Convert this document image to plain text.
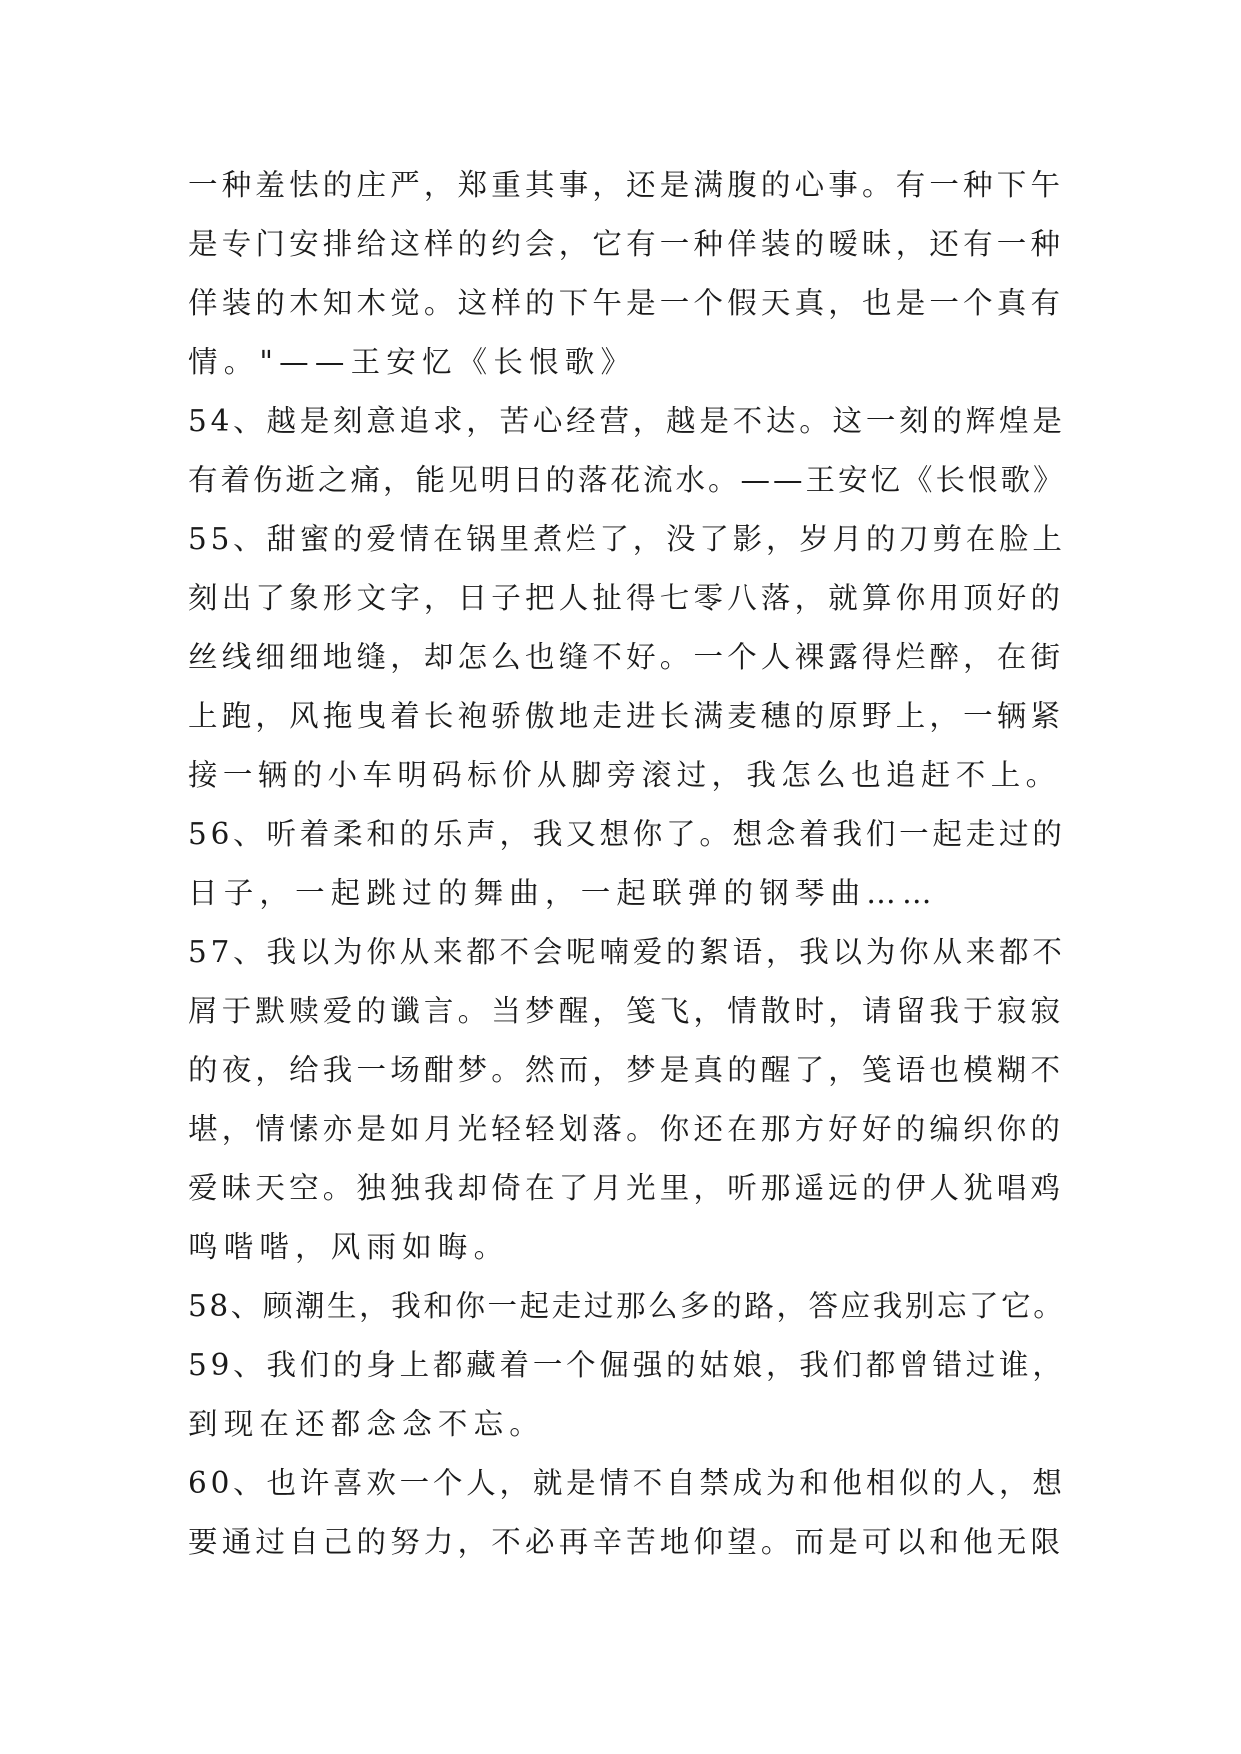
一种羞怯的庄严，郑重其事，还是满腹的心事。有一种下午
是专门安排给这样的约会，它有一种佯装的暧昧，还有一种
佯装的木知木觉。这样的下午是一个假天真，也是一个真有
情。"——王安忆《长恨歌》
54、越是刻意追求，苦心经营，越是不达。这一刻的辉煌是
有着伤逝之痛，能见明日的落花流水。——王安忆《长恨歌》
55、甜蜜的爱情在锅里煮烂了，没了影，岁月的刀剪在脸上
刻出了象形文字，日子把人扯得七零八落，就算你用顶好的
丝线细细地缝，却怎么也缝不好。一个人裸露得烂醉，在街
上跑，风拖曳着长袍骄傲地走进长满麦穗的原野上，一辆紧
接一辆的小车明码标价从脚旁滚过，我怎么也追赶不上。
56、听着柔和的乐声，我又想你了。想念着我们一起走过的
日子，一起跳过的舞曲，一起联弹的钢琴曲……
57、我以为你从来都不会呢喃爱的絮语，我以为你从来都不
屑于默赎爱的谶言。当梦醒，笺飞，情散时，请留我于寂寂
的夜，给我一场酣梦。然而，梦是真的醒了，笺语也模糊不
堪，情愫亦是如月光轻轻划落。你还在那方好好的编织你的
爱昧天空。独独我却倚在了月光里，听那遥远的伊人犹唱鸡
鸣喈喈，风雨如晦。
58、顾潮生，我和你一起走过那么多的路，答应我别忘了它。
59、我们的身上都藏着一个倔强的姑娘，我们都曾错过谁，
到现在还都念念不忘。
60、也许喜欢一个人，就是情不自禁成为和他相似的人，想
要通过自己的努力，不必再辛苦地仰望。而是可以和他无限
